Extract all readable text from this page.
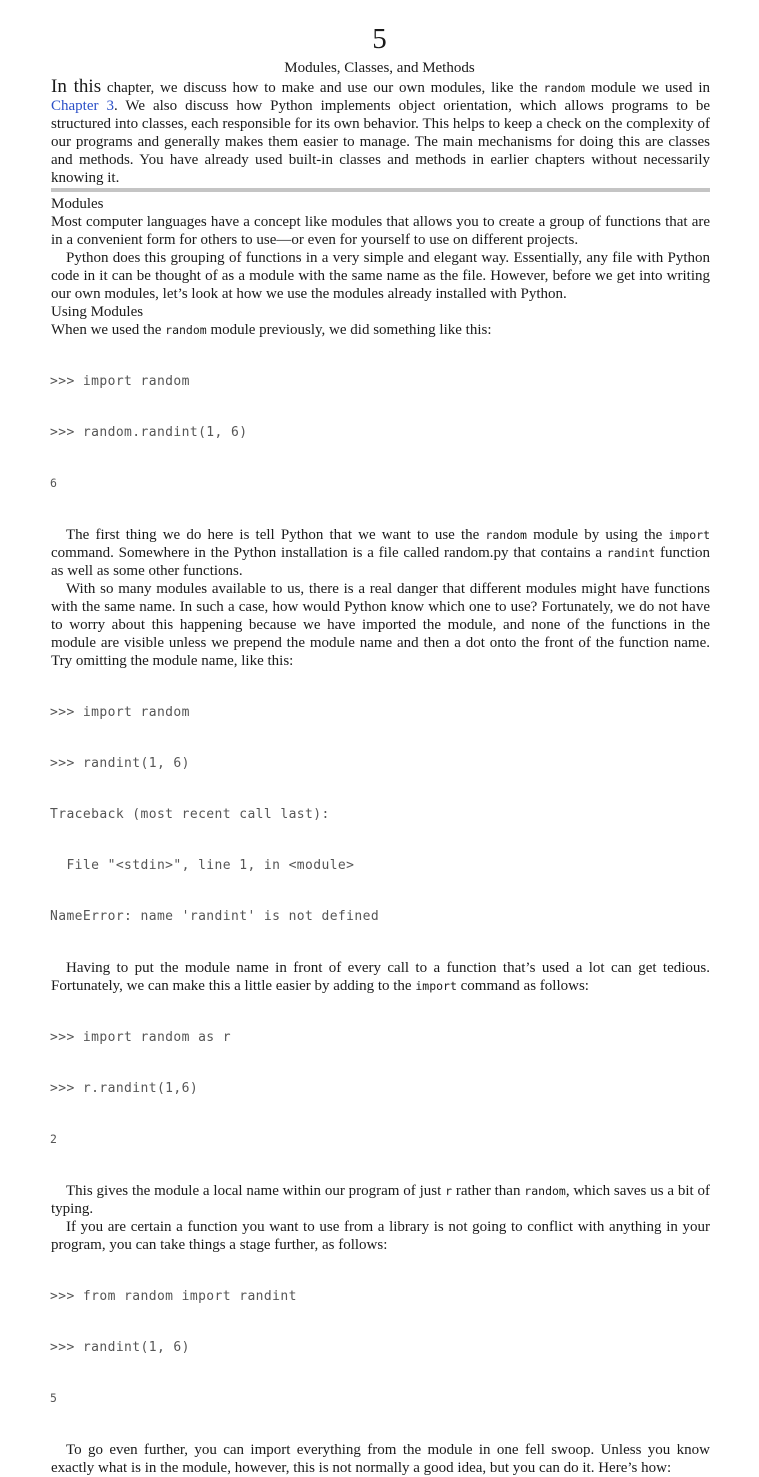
5
Modules, Classes, and Methods

In this chapter, we discuss how to make and use our own modules, like the random module we used in Chapter 3. We also discuss how Python implements object orientation, which allows programs to be structured into classes, each responsible for its own behavior. This helps to keep a check on the complexity of our programs and generally makes them easier to manage. The main mechanisms for doing this are classes and methods. You have already used built-in classes and methods in earlier chapters without necessarily knowing it.

Modules

Most computer languages have a concept like modules that allows you to create a group of functions that are in a convenient form for others to use—or even for yourself to use on different projects.

Python does this grouping of functions in a very simple and elegant way. Essentially, any file with Python code in it can be thought of as a module with the same name as the file. However, before we get into writing our own modules, let’s look at how we use the modules already installed with Python.

Using Modules

When we used the random module previously, we did something like this:

>>> import random

>>> random.randint(1, 6)

6

The first thing we do here is tell Python that we want to use the random module by using the import command. Somewhere in the Python installation is a file called random.py that contains a randint function as well as some other functions.

With so many modules available to us, there is a real danger that different modules might have functions with the same name. In such a case, how would Python know which one to use? Fortunately, we do not have to worry about this happening because we have imported the module, and none of the functions in the module are visible unless we prepend the module name and then a dot onto the front of the function name. Try omitting the module name, like this:

>>> import random

>>> randint(1, 6)

Traceback (most recent call last):

File "<stdin>", line 1, in <module>

NameError: name 'randint' is not defined

Having to put the module name in front of every call to a function that’s used a lot can get tedious. Fortunately, we can make this a little easier by adding to the import command as follows:

>>> import random as r

>>> r.randint(1,6)

2

This gives the module a local name within our program of just r rather than random, which saves us a bit of typing.

If you are certain a function you want to use from a library is not going to conflict with anything in your program, you can take things a stage further, as follows:

>>> from random import randint

>>> randint(1, 6)

5

To go even further, you can import everything from the module in one fell swoop. Unless you know exactly what is in the module, however, this is not normally a good idea, but you can do it. Here’s how:
